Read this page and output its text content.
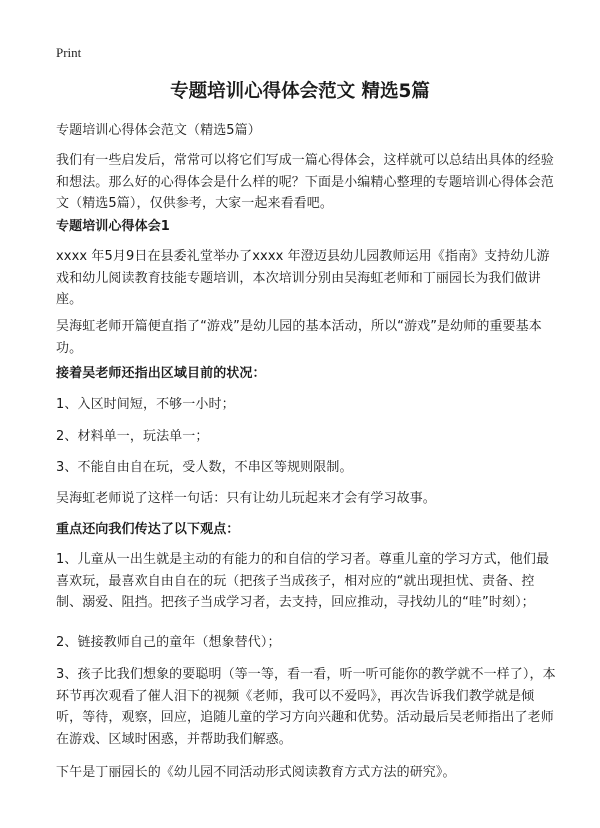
Print
专题培训心得体会范文 精选5篇

专题培训心得体会范文（精选5篇）

我们有一些启发后，常常可以将它们写成一篇心得体会，这样就可以总结出具体的经验和想法。那么好的心得体会是什么样的呢？下面是小编精心整理的专题培训心得体会范文（精选5篇），仅供参考，大家一起来看看吧。

专题培训心得体会1

xxxx 年5月9日在县委礼堂举办了xxxx 年澄迈县幼儿园教师运用《指南》支持幼儿游戏和幼儿阅读教育技能专题培训，本次培训分别由吴海虹老师和丁丽园长为我们做讲座。

吴海虹老师开篇便直指了“游戏”是幼儿园的基本活动，所以“游戏”是幼师的重要基本功。

接着吴老师还指出区域目前的状况：

1、入区时间短，不够一小时；

2、材料单一，玩法单一；

3、不能自由自在玩，受人数，不串区等规则限制。

吴海虹老师说了这样一句话：只有让幼儿玩起来才会有学习故事。

重点还向我们传达了以下观点：

1、儿童从一出生就是主动的有能力的和自信的学习者。尊重儿童的学习方式，他们最喜欢玩，最喜欢自由自在的玩（把孩子当成孩子，相对应的“就出现担忧、责备、控制、溺爱、阻挡。把孩子当成学习者，去支持，回应推动，寻找幼儿的“哇”时刻）；

2、链接教师自己的童年（想象替代）；

3、孩子比我们想象的要聪明（等一等，看一看，听一听可能你的教学就不一样了），本环节再次观看了催人泪下的视频《老师，我可以不爱吗》，再次告诉我们教学就是倾听，等待，观察，回应，追随儿童的学习方向兴趣和优势。活动最后吴老师指出了老师在游戏、区域时困惑，并帮助我们解惑。

下午是丁丽园长的《幼儿园不同活动形式阅读教育方式方法的研究》。
